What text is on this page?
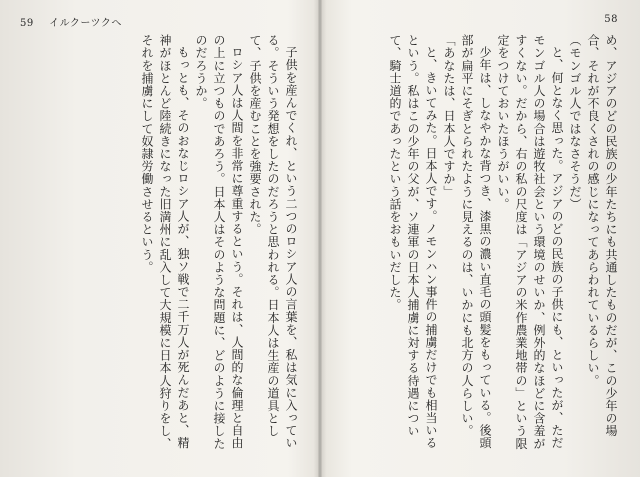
59 イルクーツクへ

子供を産んでくれ、という二つのロシア人の言葉を、私は気に入っている。そういう発想をしたのだろうと思われる。日本人は生産の道具として、子供を産むことを強要された。

ロシア人は人間を非常に尊重するという。それは、人間的な倫理と自由の上に立つものであろう。日本人はそのような問題に、どのように接したのだろうか。

もっとも、そのおなじロシア人が、独ソ戦で二千万人が死んだあと、精神がほとんど陸続きになった旧満州に乱入して大規模に日本人狩りをし、それを捕虜にして奴隷労働させるという。

58

め、アジアのどの民族の少年たちにも共通したものだが、この少年の場合、それが不良くされの感じになってあらわれているらしい。

（モンゴル人ではなさそうだ）

と、何となく思った。アジアのどの民族の子供にも、といったが、ただモンゴル人の場合は遊牧社会という環境のせいか、例外的なほどに含羞がすくない。だから、右の私の尺度は「アジアの米作農業地帯の」という限定をつけておいたほうがいい。

少年は、しなやかな背つき、漆黒の濃い直毛の頭髪をもっている。後頭部が扁平にそぎとられたように見えるのは、いかにも北方の人らしい。

「あなたは、日本人ですか」

と、きいてみた。日本人です。ノモンハン事件の捕虜だけでも相当いるという。私はこの少年の父が、ソ連軍の日本人捕虜に対する待遇について、騎士道的であったという話をおもいだした。
